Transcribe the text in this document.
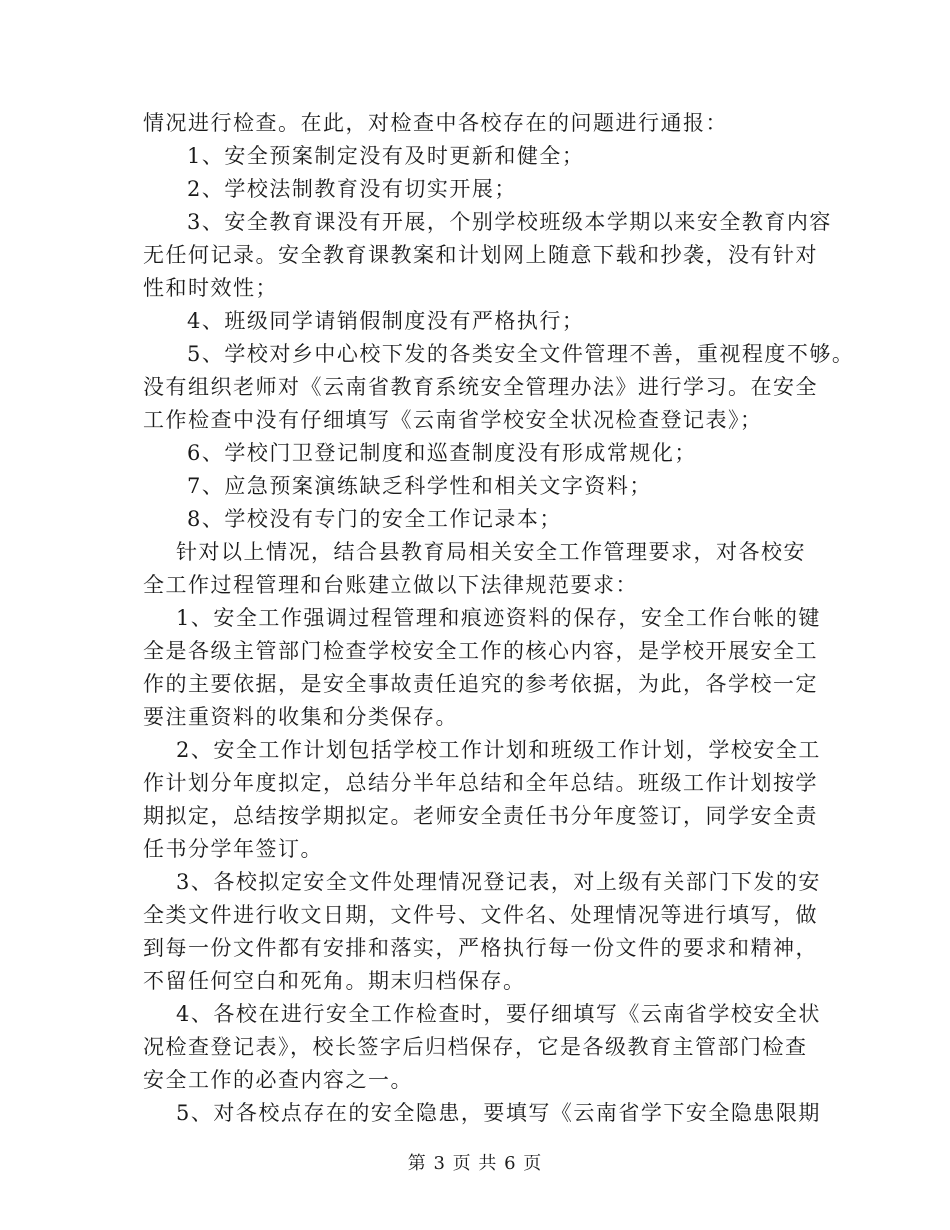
情况进行检查。在此，对检查中各校存在的问题进行通报：
1、安全预案制定没有及时更新和健全；
2、学校法制教育没有切实开展；
3、安全教育课没有开展，个别学校班级本学期以来安全教育内容
无任何记录。安全教育课教案和计划网上随意下载和抄袭，没有针对
性和时效性；
4、班级同学请销假制度没有严格执行；
5、学校对乡中心校下发的各类安全文件管理不善，重视程度不够。
没有组织老师对《云南省教育系统安全管理办法》进行学习。在安全
工作检查中没有仔细填写《云南省学校安全状况检查登记表》；
6、学校门卫登记制度和巡查制度没有形成常规化；
7、应急预案演练缺乏科学性和相关文字资料；
8、学校没有专门的安全工作记录本；
针对以上情况，结合县教育局相关安全工作管理要求，对各校安
全工作过程管理和台账建立做以下法律规范要求：
1、安全工作强调过程管理和痕迹资料的保存，安全工作台帐的键
全是各级主管部门检查学校安全工作的核心内容，是学校开展安全工
作的主要依据，是安全事故责任追究的参考依据，为此，各学校一定
要注重资料的收集和分类保存。
2、安全工作计划包括学校工作计划和班级工作计划，学校安全工
作计划分年度拟定，总结分半年总结和全年总结。班级工作计划按学
期拟定，总结按学期拟定。老师安全责任书分年度签订，同学安全责
任书分学年签订。
3、各校拟定安全文件处理情况登记表，对上级有关部门下发的安
全类文件进行收文日期，文件号、文件名、处理情况等进行填写，做
到每一份文件都有安排和落实，严格执行每一份文件的要求和精神，
不留任何空白和死角。期末归档保存。
4、各校在进行安全工作检查时，要仔细填写《云南省学校安全状
况检查登记表》，校长签字后归档保存，它是各级教育主管部门检查
安全工作的必查内容之一。
5、对各校点存在的安全隐患，要填写《云南省学下安全隐患限期
第 3 页 共 6 页
